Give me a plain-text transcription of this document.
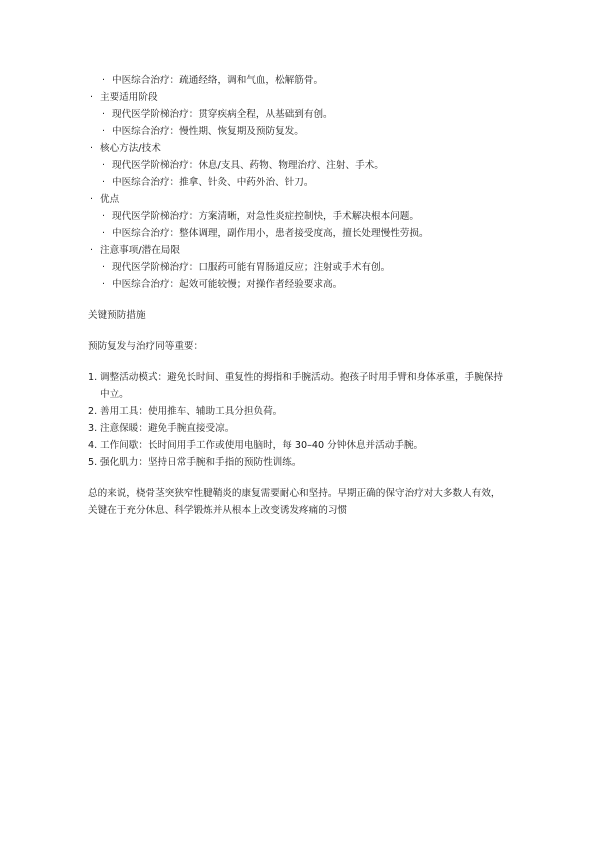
· 中医综合治疗：疏通经络，调和气血，松解筋骨。
· 主要适用阶段
· 现代医学阶梯治疗：贯穿疾病全程，从基础到有创。
· 中医综合治疗：慢性期、恢复期及预防复发。
· 核心方法/技术
· 现代医学阶梯治疗：休息/支具、药物、物理治疗、注射、手术。
· 中医综合治疗：推拿、针灸、中药外治、针刀。
· 优点
· 现代医学阶梯治疗：方案清晰，对急性炎症控制快，手术解决根本问题。
· 中医综合治疗：整体调理，副作用小，患者接受度高，擅长处理慢性劳损。
· 注意事项/潜在局限
· 现代医学阶梯治疗：口服药可能有胃肠道反应；注射或手术有创。
· 中医综合治疗：起效可能较慢；对操作者经验要求高。

关键预防措施

预防复发与治疗同等重要：

1. 调整活动模式：避免长时间、重复性的拇指和手腕活动。抱孩子时用手臂和身体承重，手腕保持中立。
2. 善用工具：使用推车、辅助工具分担负荷。
3. 注意保暖：避免手腕直接受凉。
4. 工作间歇：长时间用手工作或使用电脑时，每 30–40 分钟休息并活动手腕。
5. 强化肌力：坚持日常手腕和手指的预防性训练。

总的来说，桡骨茎突狭窄性腱鞘炎的康复需要耐心和坚持。早期正确的保守治疗对大多数人有效，关键在于充分休息、科学锻炼并从根本上改变诱发疼痛的习惯
